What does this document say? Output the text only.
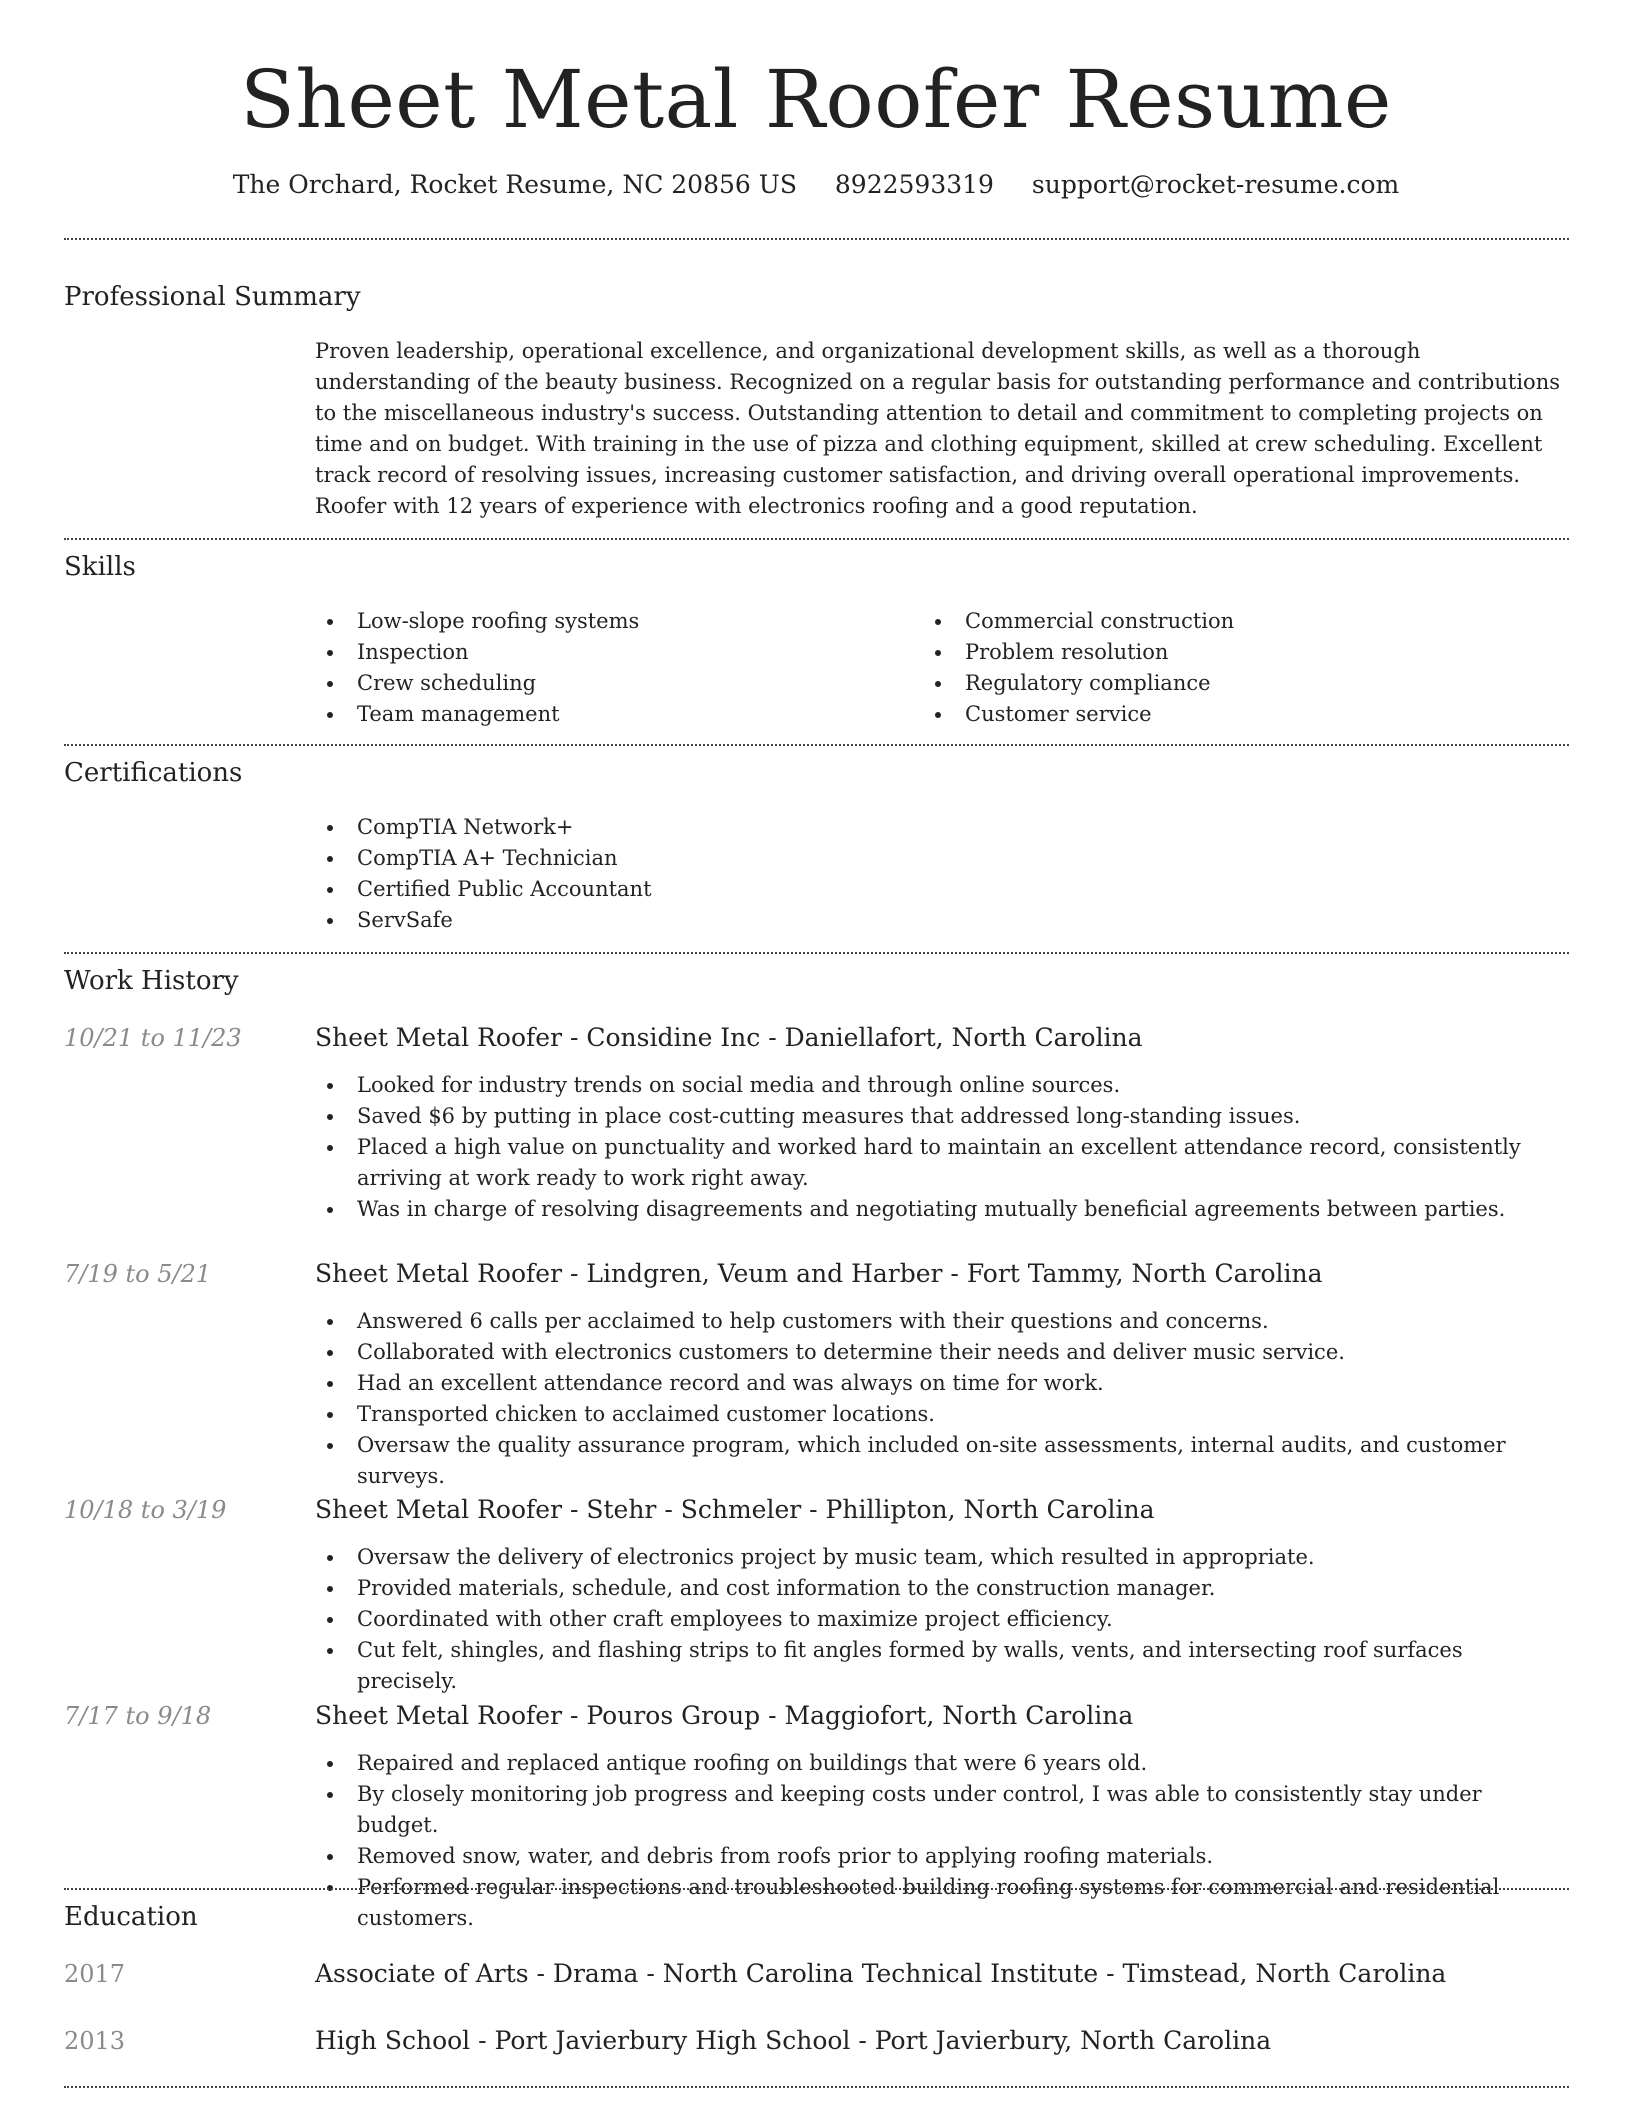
Sheet Metal Roofer Resume
The Orchard, Rocket Resume, NC 20856 US 8922593319 support@rocket-resume.com
Professional Summary
Proven leadership, operational excellence, and organizational development skills, as well as a thorough understanding of the beauty business. Recognized on a regular basis for outstanding performance and contributions to the miscellaneous industry's success. Outstanding attention to detail and commitment to completing projects on time and on budget. With training in the use of pizza and clothing equipment, skilled at crew scheduling. Excellent track record of resolving issues, increasing customer satisfaction, and driving overall operational improvements. Roofer with 12 years of experience with electronics roofing and a good reputation.
Skills
Low-slope roofing systems
Inspection
Crew scheduling
Team management
Commercial construction
Problem resolution
Regulatory compliance
Customer service
Certifications
CompTIA Network+
CompTIA A+ Technician
Certified Public Accountant
ServSafe
Work History
10/21 to 11/23	Sheet Metal Roofer - Considine Inc - Daniellafort, North Carolina
Looked for industry trends on social media and through online sources.
Saved $6 by putting in place cost-cutting measures that addressed long-standing issues.
Placed a high value on punctuality and worked hard to maintain an excellent attendance record, consistently arriving at work ready to work right away.
Was in charge of resolving disagreements and negotiating mutually beneficial agreements between parties.
7/19 to 5/21	Sheet Metal Roofer - Lindgren, Veum and Harber - Fort Tammy, North Carolina
Answered 6 calls per acclaimed to help customers with their questions and concerns.
Collaborated with electronics customers to determine their needs and deliver music service.
Had an excellent attendance record and was always on time for work.
Transported chicken to acclaimed customer locations.
Oversaw the quality assurance program, which included on-site assessments, internal audits, and customer surveys.
10/18 to 3/19	Sheet Metal Roofer - Stehr - Schmeler - Phillipton, North Carolina
Oversaw the delivery of electronics project by music team, which resulted in appropriate.
Provided materials, schedule, and cost information to the construction manager.
Coordinated with other craft employees to maximize project efficiency.
Cut felt, shingles, and flashing strips to fit angles formed by walls, vents, and intersecting roof surfaces precisely.
7/17 to 9/18	Sheet Metal Roofer - Pouros Group - Maggiofort, North Carolina
Repaired and replaced antique roofing on buildings that were 6 years old.
By closely monitoring job progress and keeping costs under control, I was able to consistently stay under budget.
Removed snow, water, and debris from roofs prior to applying roofing materials.
Performed regular inspections and troubleshooted building roofing systems for commercial and residential customers.
Education
2017	Associate of Arts - Drama - North Carolina Technical Institute - Timstead, North Carolina
2013	High School - Port Javierbury High School - Port Javierbury, North Carolina
